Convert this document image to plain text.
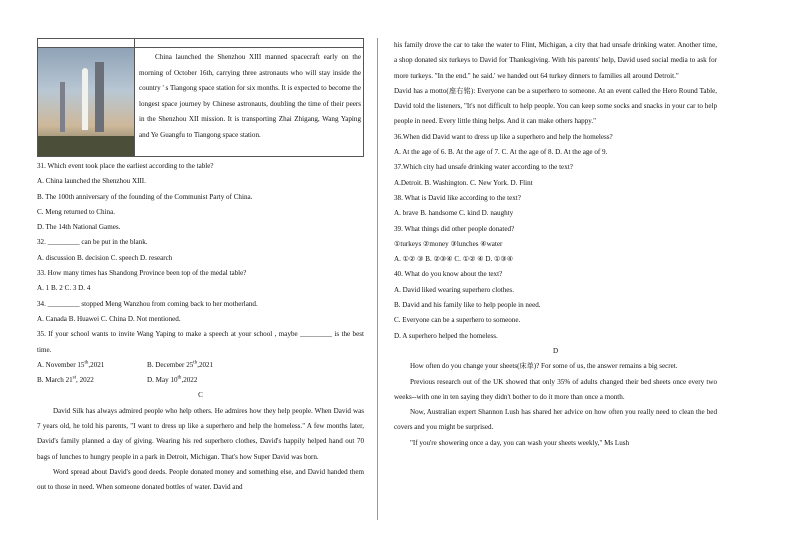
	China launched the Shenzhou XIII manned spacecraft early on the morning of October 16th, carrying three astronauts who will stay inside the country ' s Tiangong space station for six months. It is expected to become the longest space journey by Chinese astronauts, doubling the time of their peers in the Shenzhou XII mission. It is transporting Zhai Zhigang, Wang Yaping and Ye Guangfu to Tiangong space station.

31. Which event took place the earliest according to the table?

A. China launched the Shenzhou XIII.

B. The 100th anniversary of the founding of the Communist Party of China.

C. Meng returned to China.

D. The 14th National Games.

32. _________ can be put in the blank.

A. discussion B. decision C. speech D. research

33. How many times has Shandong Province been top of the medal table?

A. 1 B. 2 C. 3 D. 4

34. _________ stopped Meng Wanzhou from coming back to her motherland.

A. Canada B. Huawei C. China D. Not mentioned.

35. If your school wants to invite Wang Yaping to make a speech at your school , maybe _________ is the best time.

A. November 15th,2021	B. December 25th,2021

B. March 21st, 2022	D. May 10th,2022

C

David Silk has always admired people who help others. He admires how they help people. When David was 7 years old, he told his parents, "I want to dress up like a superhero and help the homeless." A few months later, David's family planned a day of giving. Wearing his red superhero clothes, David's happily helped hand out 70 bags of lunches to hungry people in a park in Detroit, Michigan. That's how Super David was born.

Word spread about David's good deeds. People donated money and something else, and David handed them out to those in need. When someone donated bottles of water. David and

his family drove the car to take the water to Flint, Michigan, a city that had unsafe drinking water. Another time, a shop donated six turkeys to David for Thanksgiving. With his parents' help, David used social media to ask for more turkeys. "In the end." he said.' we handed out 64 turkey dinners to families all around Detroit."

David has a motto(座右铭): Everyone can be a superhero to someone. At an event called the Hero Round Table, David told the listeners, "It's not difficult to help people. You can keep some socks and snacks in your car to help people in need. Every little thing helps. And it can make others happy."

36.When did David want to dress up like a superhero and help the homeless?

A. At the age of 6. B. At the age of 7. C. At the age of 8. D. At the age of 9.

37.Which city had unsafe drinking water according to the text?

A.Detroit. B. Washington. C. New York. D. Flint

38. What is David like according to the text?

A. brave B. handsome C. kind D. naughty

39. What things did other people donated?

①turkeys ②money ③lunches ④water

A. ①② ③ B. ②③④ C. ①② ④ D. ①③④

40. What do you know about the text?

A. David liked wearing superhero clothes.

B. David and his family like to help people in need.

C. Everyone can be a superhero to someone.

D. A superhero helped the homeless.

D

How often do you change your sheets(床单)? For some of us, the answer remains a big secret.

Previous research out of the UK showed that only 35% of adults changed their bed sheets once every two weeks--with one in ten saying they didn't bother to do it more than once a month.

Now, Australian expert Shannon Lush has shared her advice on how often you really need to clean the bed covers and you might be surprised.

"If you're showering once a day, you can wash your sheets weekly," Ms Lush
